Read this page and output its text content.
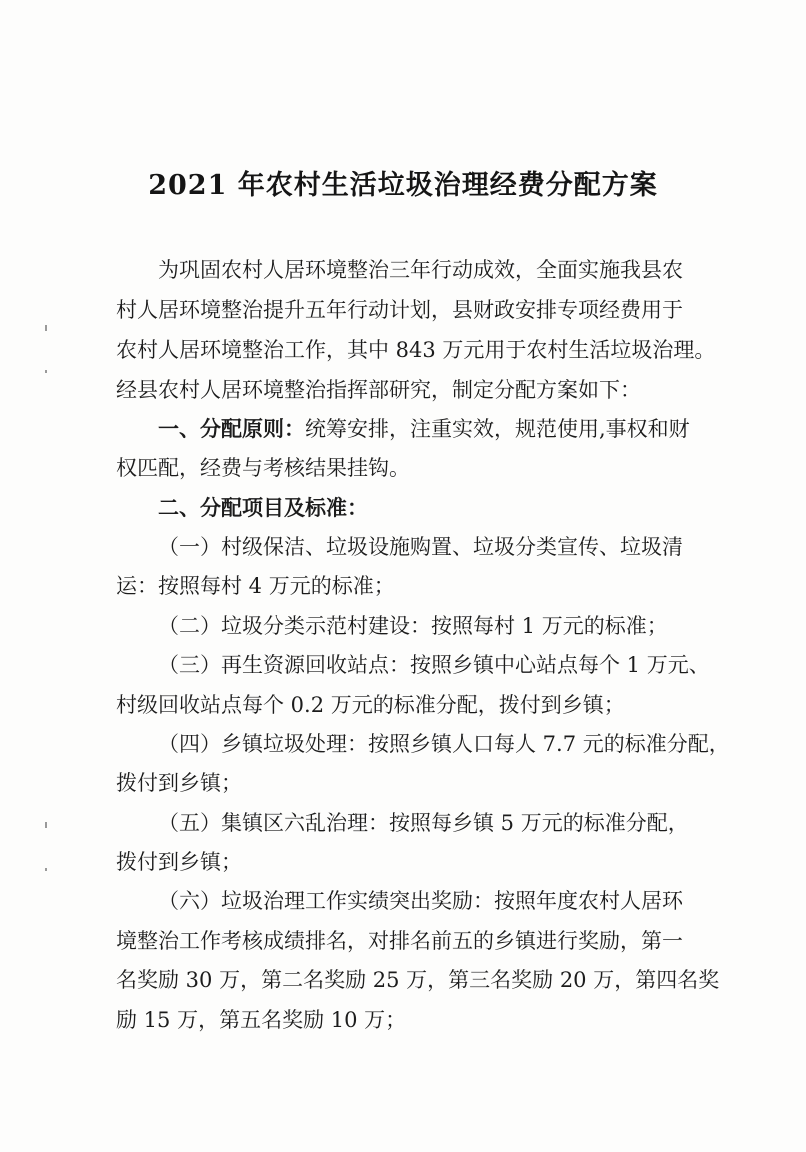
2021 年农村生活垃圾治理经费分配方案
为巩固农村人居环境整治三年行动成效，全面实施我县农
村人居环境整治提升五年行动计划，县财政安排专项经费用于
农村人居环境整治工作，其中 843 万元用于农村生活垃圾治理。
经县农村人居环境整治指挥部研究，制定分配方案如下：
一、分配原则：统筹安排，注重实效，规范使用,事权和财
权匹配，经费与考核结果挂钩。
二、分配项目及标准：
（一）村级保洁、垃圾设施购置、垃圾分类宣传、垃圾清
运：按照每村 4 万元的标准；
（二）垃圾分类示范村建设：按照每村 1 万元的标准；
（三）再生资源回收站点：按照乡镇中心站点每个 1 万元、
村级回收站点每个 0.2 万元的标准分配，拨付到乡镇；
（四）乡镇垃圾处理：按照乡镇人口每人 7.7 元的标准分配，
拨付到乡镇；
（五）集镇区六乱治理：按照每乡镇 5 万元的标准分配，
拨付到乡镇；
（六）垃圾治理工作实绩突出奖励：按照年度农村人居环
境整治工作考核成绩排名，对排名前五的乡镇进行奖励，第一
名奖励 30 万，第二名奖励 25 万，第三名奖励 20 万，第四名奖
励 15 万，第五名奖励 10 万；
